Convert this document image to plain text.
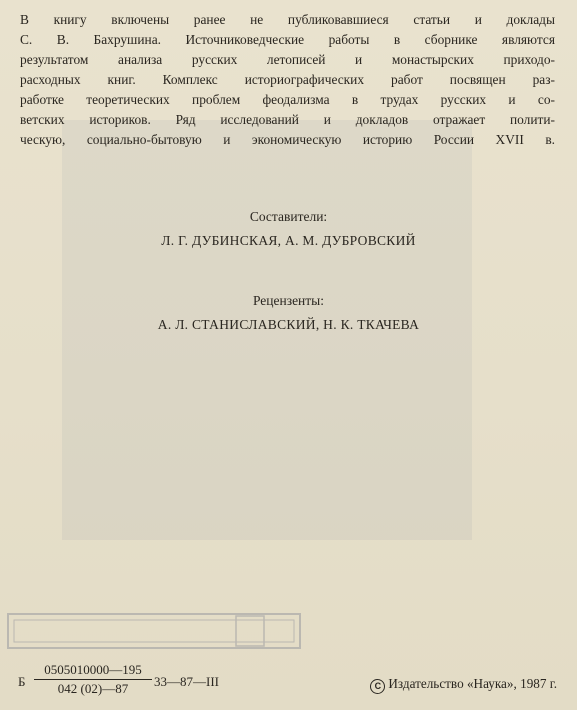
В книгу включены ранее не публиковавшиеся статьи и доклады
С. В. Бахрушина. Источниковедческие работы в сборнике являются
результатом анализа русских летописей и монастырских приходо-
расходных книг. Комплекс историографических работ посвящен раз-
работке теоретических проблем феодализма в трудах русских и со-
ветских историков. Ряд исследований и докладов отражает полити-
ческую, социально-бытовую и экономическую историю России XVII в.
Составители:
Л. Г. ДУБИНСКАЯ, А. М. ДУБРОВСКИЙ
Рецензенты:
А. Л. СТАНИСЛАВСКИЙ, Н. К. ТКАЧЕВА
Б $\frac{0505010000—195}{042 (02)—87}$ 33—87—III	C Издательство «Наука», 1987 г.
